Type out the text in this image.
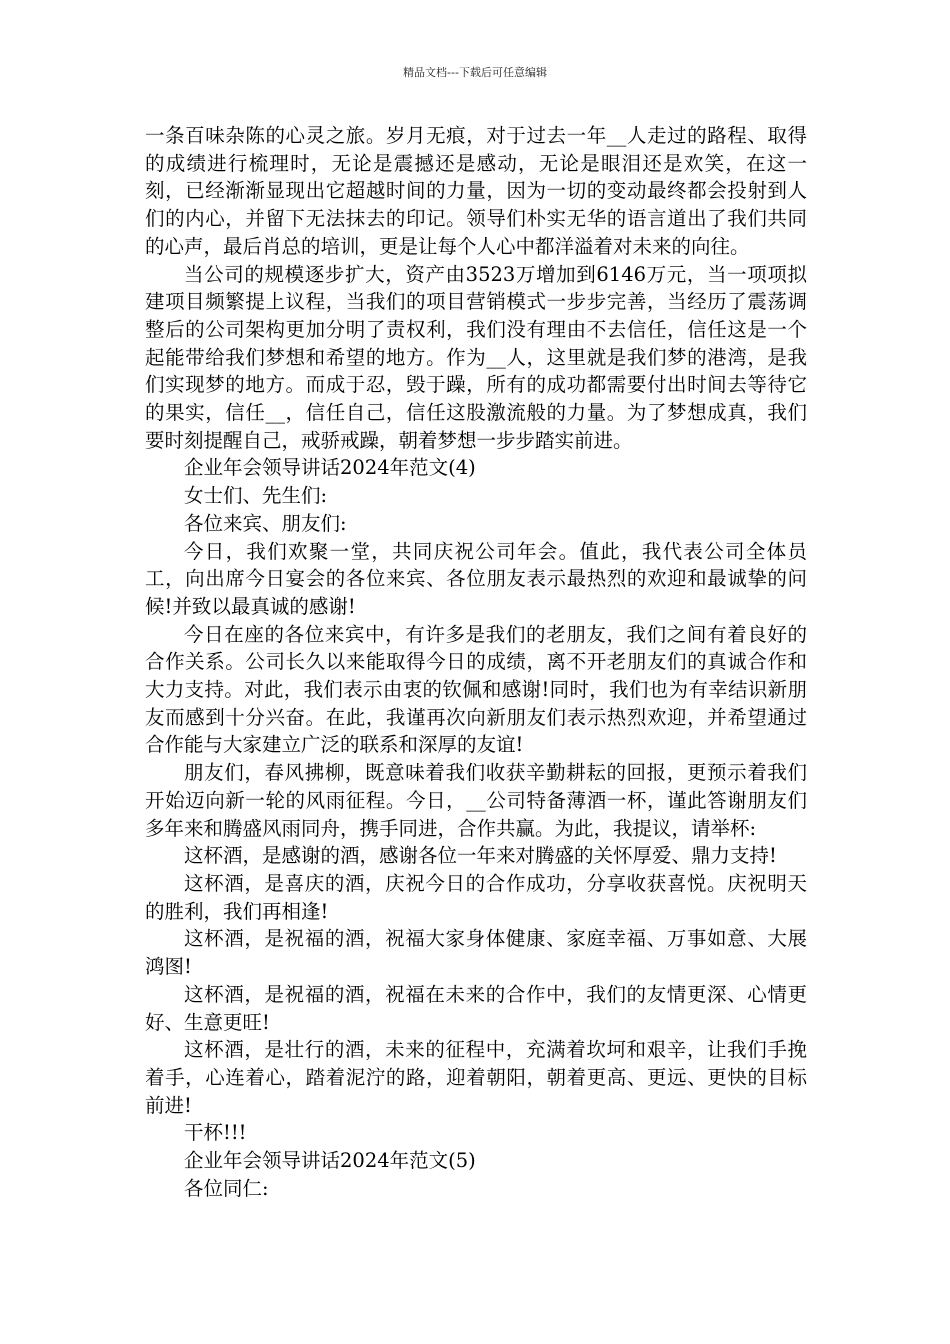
精品文档---下载后可任意编辑

一条百味杂陈的心灵之旅。岁月无痕，对于过去一年__人走过的路程、取得的成绩进行梳理时，无论是震撼还是感动，无论是眼泪还是欢笑，在这一刻，已经渐渐显现出它超越时间的力量，因为一切的变动最终都会投射到人们的内心，并留下无法抹去的印记。领导们朴实无华的语言道出了我们共同的心声，最后肖总的培训，更是让每个人心中都洋溢着对未来的向往。

当公司的规模逐步扩大，资产由3523万增加到6146万元，当一项项拟建项目频繁提上议程，当我们的项目营销模式一步步完善，当经历了震荡调整后的公司架构更加分明了责权利，我们没有理由不去信任，信任这是一个起能带给我们梦想和希望的地方。作为__人，这里就是我们梦的港湾，是我们实现梦的地方。而成于忍，毁于躁，所有的成功都需要付出时间去等待它的果实，信任__，信任自己，信任这股激流般的力量。为了梦想成真，我们要时刻提醒自己，戒骄戒躁，朝着梦想一步步踏实前进。

企业年会领导讲话2024年范文(4)

女士们、先生们:

各位来宾、朋友们:

今日，我们欢聚一堂，共同庆祝公司年会。值此，我代表公司全体员工，向出席今日宴会的各位来宾、各位朋友表示最热烈的欢迎和最诚挚的问候!并致以最真诚的感谢!

今日在座的各位来宾中，有许多是我们的老朋友，我们之间有着良好的合作关系。公司长久以来能取得今日的成绩，离不开老朋友们的真诚合作和大力支持。对此，我们表示由衷的钦佩和感谢!同时，我们也为有幸结识新朋友而感到十分兴奋。在此，我谨再次向新朋友们表示热烈欢迎，并希望通过合作能与大家建立广泛的联系和深厚的友谊!

朋友们，春风拂柳，既意味着我们收获辛勤耕耘的回报，更预示着我们开始迈向新一轮的风雨征程。今日，__公司特备薄酒一杯，谨此答谢朋友们多年来和腾盛风雨同舟，携手同进，合作共赢。为此，我提议，请举杯:

这杯酒，是感谢的酒，感谢各位一年来对腾盛的关怀厚爱、鼎力支持!

这杯酒，是喜庆的酒，庆祝今日的合作成功，分享收获喜悦。庆祝明天的胜利，我们再相逢!

这杯酒，是祝福的酒，祝福大家身体健康、家庭幸福、万事如意、大展鸿图!

这杯酒，是祝福的酒，祝福在未来的合作中，我们的友情更深、心情更好、生意更旺!

这杯酒，是壮行的酒，未来的征程中，充满着坎坷和艰辛，让我们手挽着手，心连着心，踏着泥泞的路，迎着朝阳，朝着更高、更远、更快的目标前进!

干杯!!!

企业年会领导讲话2024年范文(5)

各位同仁:
